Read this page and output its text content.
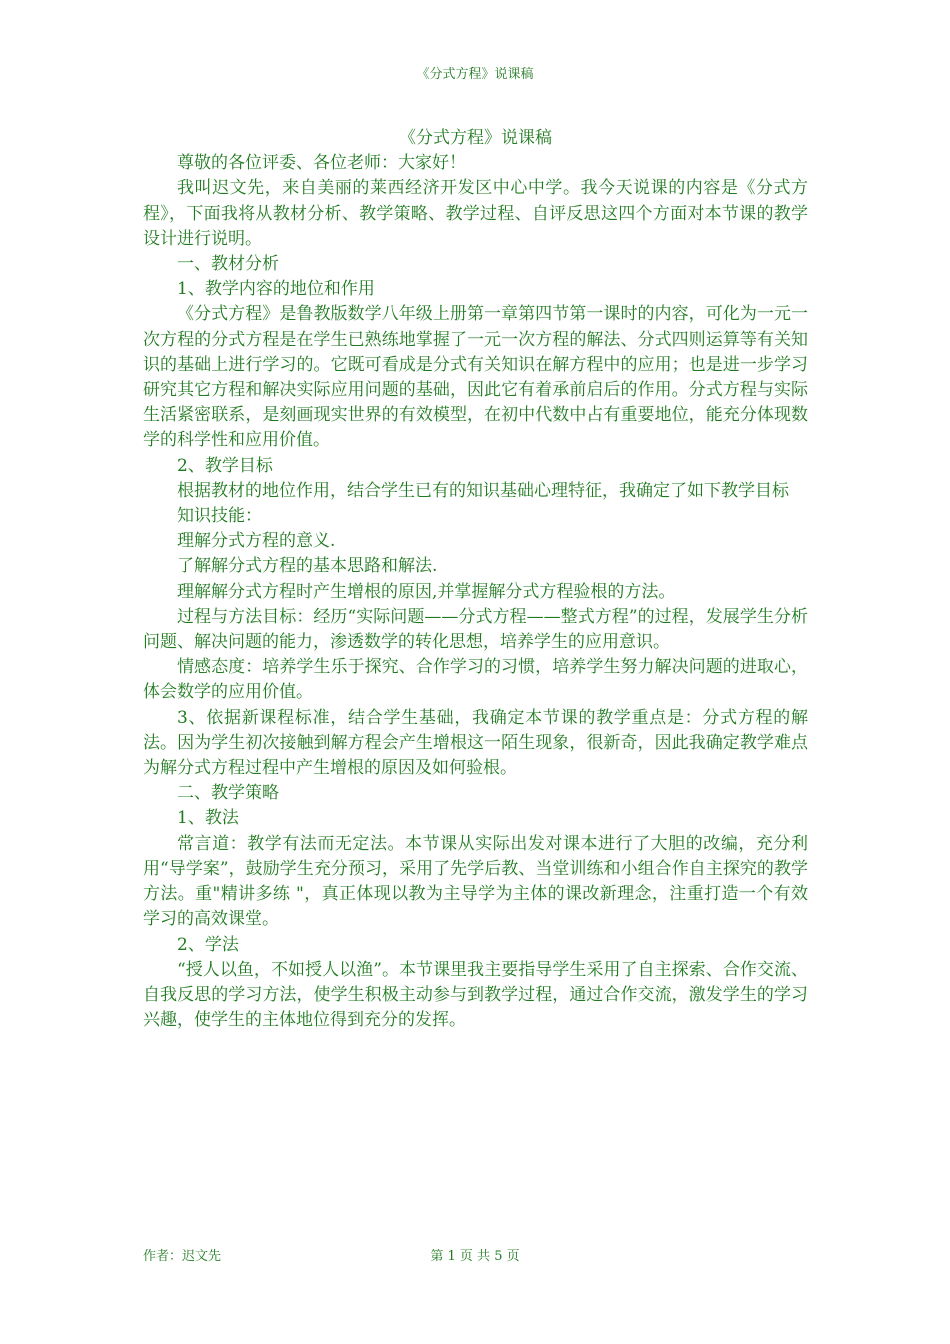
《分式方程》说课稿

《分式方程》说课稿

尊敬的各位评委、各位老师：大家好！

我叫迟文先，来自美丽的莱西经济开发区中心中学。我今天说课的内容是《分式方程》，下面我将从教材分析、教学策略、教学过程、自评反思这四个方面对本节课的教学设计进行说明。

一、教材分析

1、教学内容的地位和作用

《分式方程》是鲁教版数学八年级上册第一章第四节第一课时的内容，可化为一元一次方程的分式方程是在学生已熟练地掌握了一元一次方程的解法、分式四则运算等有关知识的基础上进行学习的。它既可看成是分式有关知识在解方程中的应用；也是进一步学习研究其它方程和解决实际应用问题的基础，因此它有着承前启后的作用。分式方程与实际生活紧密联系，是刻画现实世界的有效模型，在初中代数中占有重要地位，能充分体现数学的科学性和应用价值。

2、教学目标

根据教材的地位作用，结合学生已有的知识基础心理特征，我确定了如下教学目标

知识技能：

理解分式方程的意义.

了解解分式方程的基本思路和解法.

理解解分式方程时产生增根的原因,并掌握解分式方程验根的方法。

过程与方法目标：经历“实际问题——分式方程——整式方程”的过程，发展学生分析问题、解决问题的能力，渗透数学的转化思想，培养学生的应用意识。

情感态度：培养学生乐于探究、合作学习的习惯，培养学生努力解决问题的进取心，体会数学的应用价值。

3、依据新课程标准，结合学生基础，我确定本节课的教学重点是：分式方程的解法。因为学生初次接触到解方程会产生增根这一陌生现象，很新奇，因此我确定教学难点为解分式方程过程中产生增根的原因及如何验根。

二、教学策略

1、教法

常言道：教学有法而无定法。本节课从实际出发对课本进行了大胆的改编，充分利用“导学案”，鼓励学生充分预习，采用了先学后教、当堂训练和小组合作自主探究的教学方法。重"精讲多练 "，真正体现以教为主导学为主体的课改新理念，注重打造一个有效学习的高效课堂。

2、学法

“授人以鱼，不如授人以渔”。本节课里我主要指导学生采用了自主探索、合作交流、自我反思的学习方法，使学生积极主动参与到教学过程，通过合作交流，激发学生的学习兴趣，使学生的主体地位得到充分的发挥。

作者：迟文先	第 1 页 共 5 页
